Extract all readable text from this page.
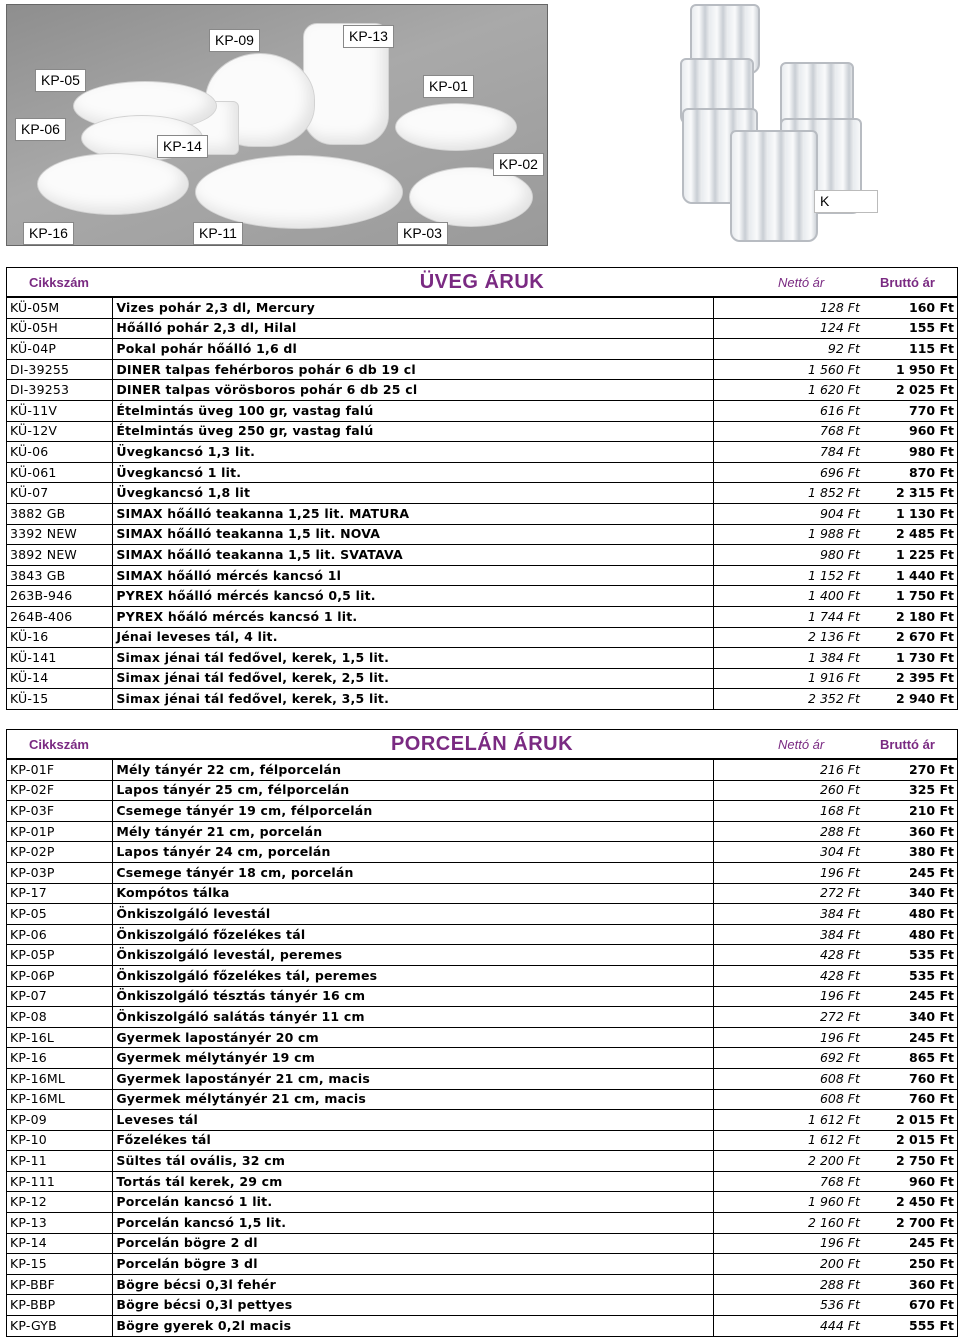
KP-05
KP-09	KP-13
KP-01
KP-06
KP-14
KP-02
KP-16	KP-11	KP-03
K
Cikkszám	ÜVEG ÁRUK	Nettó ár	Bruttó ár
KÜ-05M	Vizes pohár 2,3 dl, Mercury	128 Ft	160 Ft
KÜ-05H	Hőálló pohár 2,3 dl, Hilal	124 Ft	155 Ft
KÜ-04P	Pokal pohár hőálló 1,6 dl	92 Ft	115 Ft
DI-39255	DINER talpas fehérboros pohár 6 db 19 cl	1 560 Ft	1 950 Ft
DI-39253	DINER talpas vörösboros pohár 6 db 25 cl	1 620 Ft	2 025 Ft
KÜ-11V	Ételmintás üveg 100 gr, vastag falú	616 Ft	770 Ft
KÜ-12V	Ételmintás üveg 250 gr, vastag falú	768 Ft	960 Ft
KÜ-06	Üvegkancsó 1,3 lit.	784 Ft	980 Ft
KÜ-061	Üvegkancsó 1 lit.	696 Ft	870 Ft
KÜ-07	Üvegkancsó 1,8 lit	1 852 Ft	2 315 Ft
3882 GB	SIMAX hőálló teakanna 1,25 lit. MATURA	904 Ft	1 130 Ft
3392 NEW	SIMAX hőálló teakanna 1,5 lit. NOVA	1 988 Ft	2 485 Ft
3892 NEW	SIMAX hőálló teakanna 1,5 lit. SVATAVA	980 Ft	1 225 Ft
3843 GB	SIMAX hőálló mércés kancsó 1l	1 152 Ft	1 440 Ft
263B-946	PYREX hőálló mércés kancsó 0,5 lit.	1 400 Ft	1 750 Ft
264B-406	PYREX hőáló mércés kancsó 1 lit.	1 744 Ft	2 180 Ft
KÜ-16	Jénai leveses tál, 4 lit.	2 136 Ft	2 670 Ft
KÜ-141	Simax jénai tál fedővel, kerek, 1,5 lit.	1 384 Ft	1 730 Ft
KÜ-14	Simax jénai tál fedővel, kerek, 2,5 lit.	1 916 Ft	2 395 Ft
KÜ-15	Simax jénai tál fedővel, kerek, 3,5 lit.	2 352 Ft	2 940 Ft
Cikkszám	PORCELÁN ÁRUK	Nettó ár	Bruttó ár
KP-01F	Mély tányér 22 cm, félporcelán	216 Ft	270 Ft
KP-02F	Lapos tányér 25 cm, félporcelán	260 Ft	325 Ft
KP-03F	Csemege tányér 19 cm, félporcelán	168 Ft	210 Ft
KP-01P	Mély tányér 21 cm, porcelán	288 Ft	360 Ft
KP-02P	Lapos tányér 24 cm, porcelán	304 Ft	380 Ft
KP-03P	Csemege tányér 18 cm, porcelán	196 Ft	245 Ft
KP-17	Kompótos tálka	272 Ft	340 Ft
KP-05	Önkiszolgáló levestál	384 Ft	480 Ft
KP-06	Önkiszolgáló főzelékes tál	384 Ft	480 Ft
KP-05P	Önkiszolgáló levestál, peremes	428 Ft	535 Ft
KP-06P	Önkiszolgáló főzelékes tál, peremes	428 Ft	535 Ft
KP-07	Önkiszolgáló tésztás tányér 16 cm	196 Ft	245 Ft
KP-08	Önkiszolgáló salátás tányér 11 cm	272 Ft	340 Ft
KP-16L	Gyermek lapostányér 20 cm	196 Ft	245 Ft
KP-16	Gyermek mélytányér 19 cm	692 Ft	865 Ft
KP-16ML	Gyermek lapostányér 21 cm, macis	608 Ft	760 Ft
KP-16ML	Gyermek mélytányér 21 cm, macis	608 Ft	760 Ft
KP-09	Leveses tál	1 612 Ft	2 015 Ft
KP-10	Főzelékes tál	1 612 Ft	2 015 Ft
KP-11	Sültes tál ovális, 32 cm	2 200 Ft	2 750 Ft
KP-111	Tortás tál kerek, 29 cm	768 Ft	960 Ft
KP-12	Porcelán kancsó 1 lit.	1 960 Ft	2 450 Ft
KP-13	Porcelán kancsó 1,5 lit.	2 160 Ft	2 700 Ft
KP-14	Porcelán bögre 2 dl	196 Ft	245 Ft
KP-15	Porcelán bögre 3 dl	200 Ft	250 Ft
KP-BBF	Bögre bécsi 0,3l fehér	288 Ft	360 Ft
KP-BBP	Bögre bécsi 0,3l pettyes	536 Ft	670 Ft
KP-GYB	Bögre gyerek 0,2l macis	444 Ft	555 Ft
